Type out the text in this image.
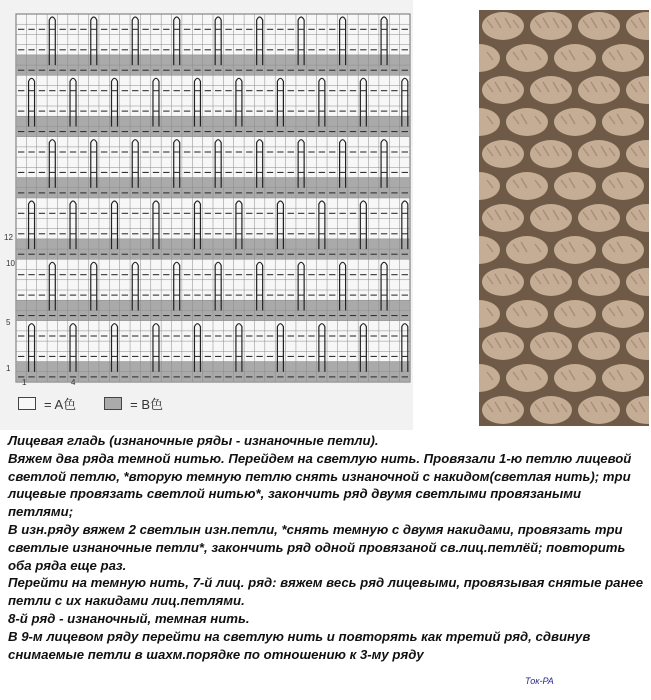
12
10
5
1
1	4
= A色	= B色

Лицевая гладь (изнаночные ряды - изнаночные петли).

Вяжем два ряда темной нитью. Перейдем на светлую нить. Провязали 1-ю петлю лицевой светлой петлю, *вторую темную петлю снять изнаночной с накидом(светлая нить); три лицевые провязать светлой нитью*, закончить ряд двумя светлыми провязаными петлями;

В изн.ряду вяжем 2 светлын изн.петли, *снять темную с двумя накидами, провязать три светлые изнаночные петли*, закончить ряд одной провязаной св.лиц.петлёй; повторить оба ряда еще раз.

Перейти на темную нить, 7-й лиц. ряд: вяжем весь ряд лицевыми, провязывая снятые ранее петли с их накидами лиц.петлями.

8-й ряд - изнаночный, темная нить.

В 9-м лицевом ряду перейти на светлую нить и повторять как третий ряд, сдвинув снимаемые петли в шахм.порядке по отношению к 3-му ряду

Ток-РА
